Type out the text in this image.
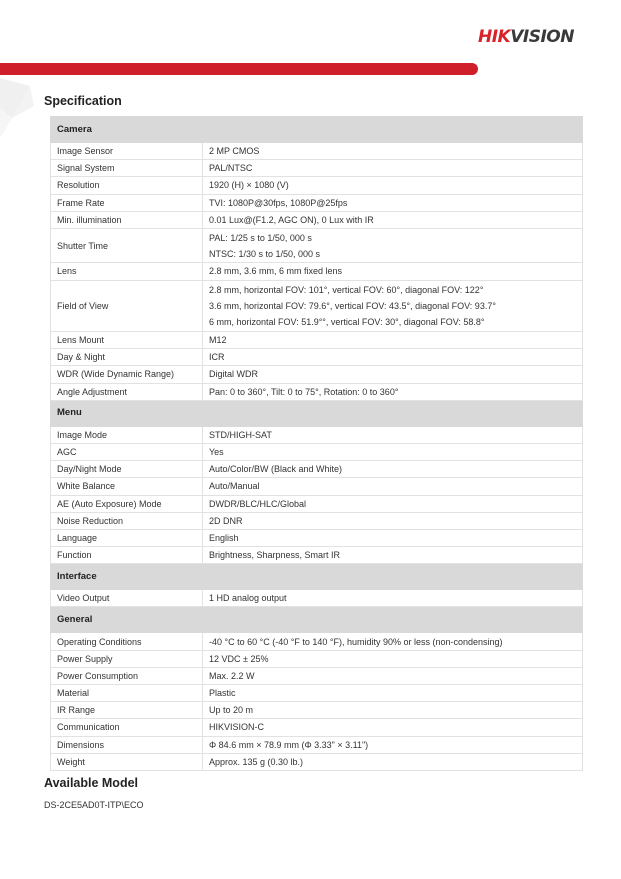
HIKVISION
Specification
Camera	
Image Sensor	2 MP CMOS

Signal System	PAL/NTSC

Resolution	1920 (H) × 1080 (V)

Frame Rate	TVI: 1080P@30fps, 1080P@25fps

Min. illumination	0.01 Lux@(F1.2, AGC ON), 0 Lux with IR

Shutter Time	PAL: 1/25 s to 1/50, 000 s
NTSC: 1/30 s to 1/50, 000 s

Lens	2.8 mm, 3.6 mm, 6 mm fixed lens

Field of View	2.8 mm, horizontal FOV: 101°, vertical FOV: 60°, diagonal FOV: 122°
3.6 mm, horizontal FOV: 79.6°, vertical FOV: 43.5°, diagonal FOV: 93.7°
6 mm, horizontal FOV: 51.9°°, vertical FOV: 30°, diagonal FOV: 58.8°

Lens Mount	M12

Day & Night	ICR

WDR (Wide Dynamic Range)	Digital WDR

Angle Adjustment	Pan: 0 to 360°, Tilt: 0 to 75°, Rotation: 0 to 360°

Menu	
Image Mode	STD/HIGH-SAT

AGC	Yes

Day/Night Mode	Auto/Color/BW (Black and White)

White Balance	Auto/Manual

AE (Auto Exposure) Mode	DWDR/BLC/HLC/Global

Noise Reduction	2D DNR

Language	English

Function	Brightness, Sharpness, Smart IR

Interface	
Video Output	1 HD analog output

General	
Operating Conditions	-40 °C to 60 °C (-40 °F to 140 °F), humidity 90% or less (non-condensing)

Power Supply	12 VDC ± 25%

Power Consumption	Max. 2.2 W

Material	Plastic

IR Range	Up to 20 m

Communication	HIKVISION-C

Dimensions	Φ 84.6 mm × 78.9 mm (Φ 3.33" × 3.11")

Weight	Approx. 135 g (0.30 lb.)
Available Model
DS-2CE5AD0T-ITP\ECO
